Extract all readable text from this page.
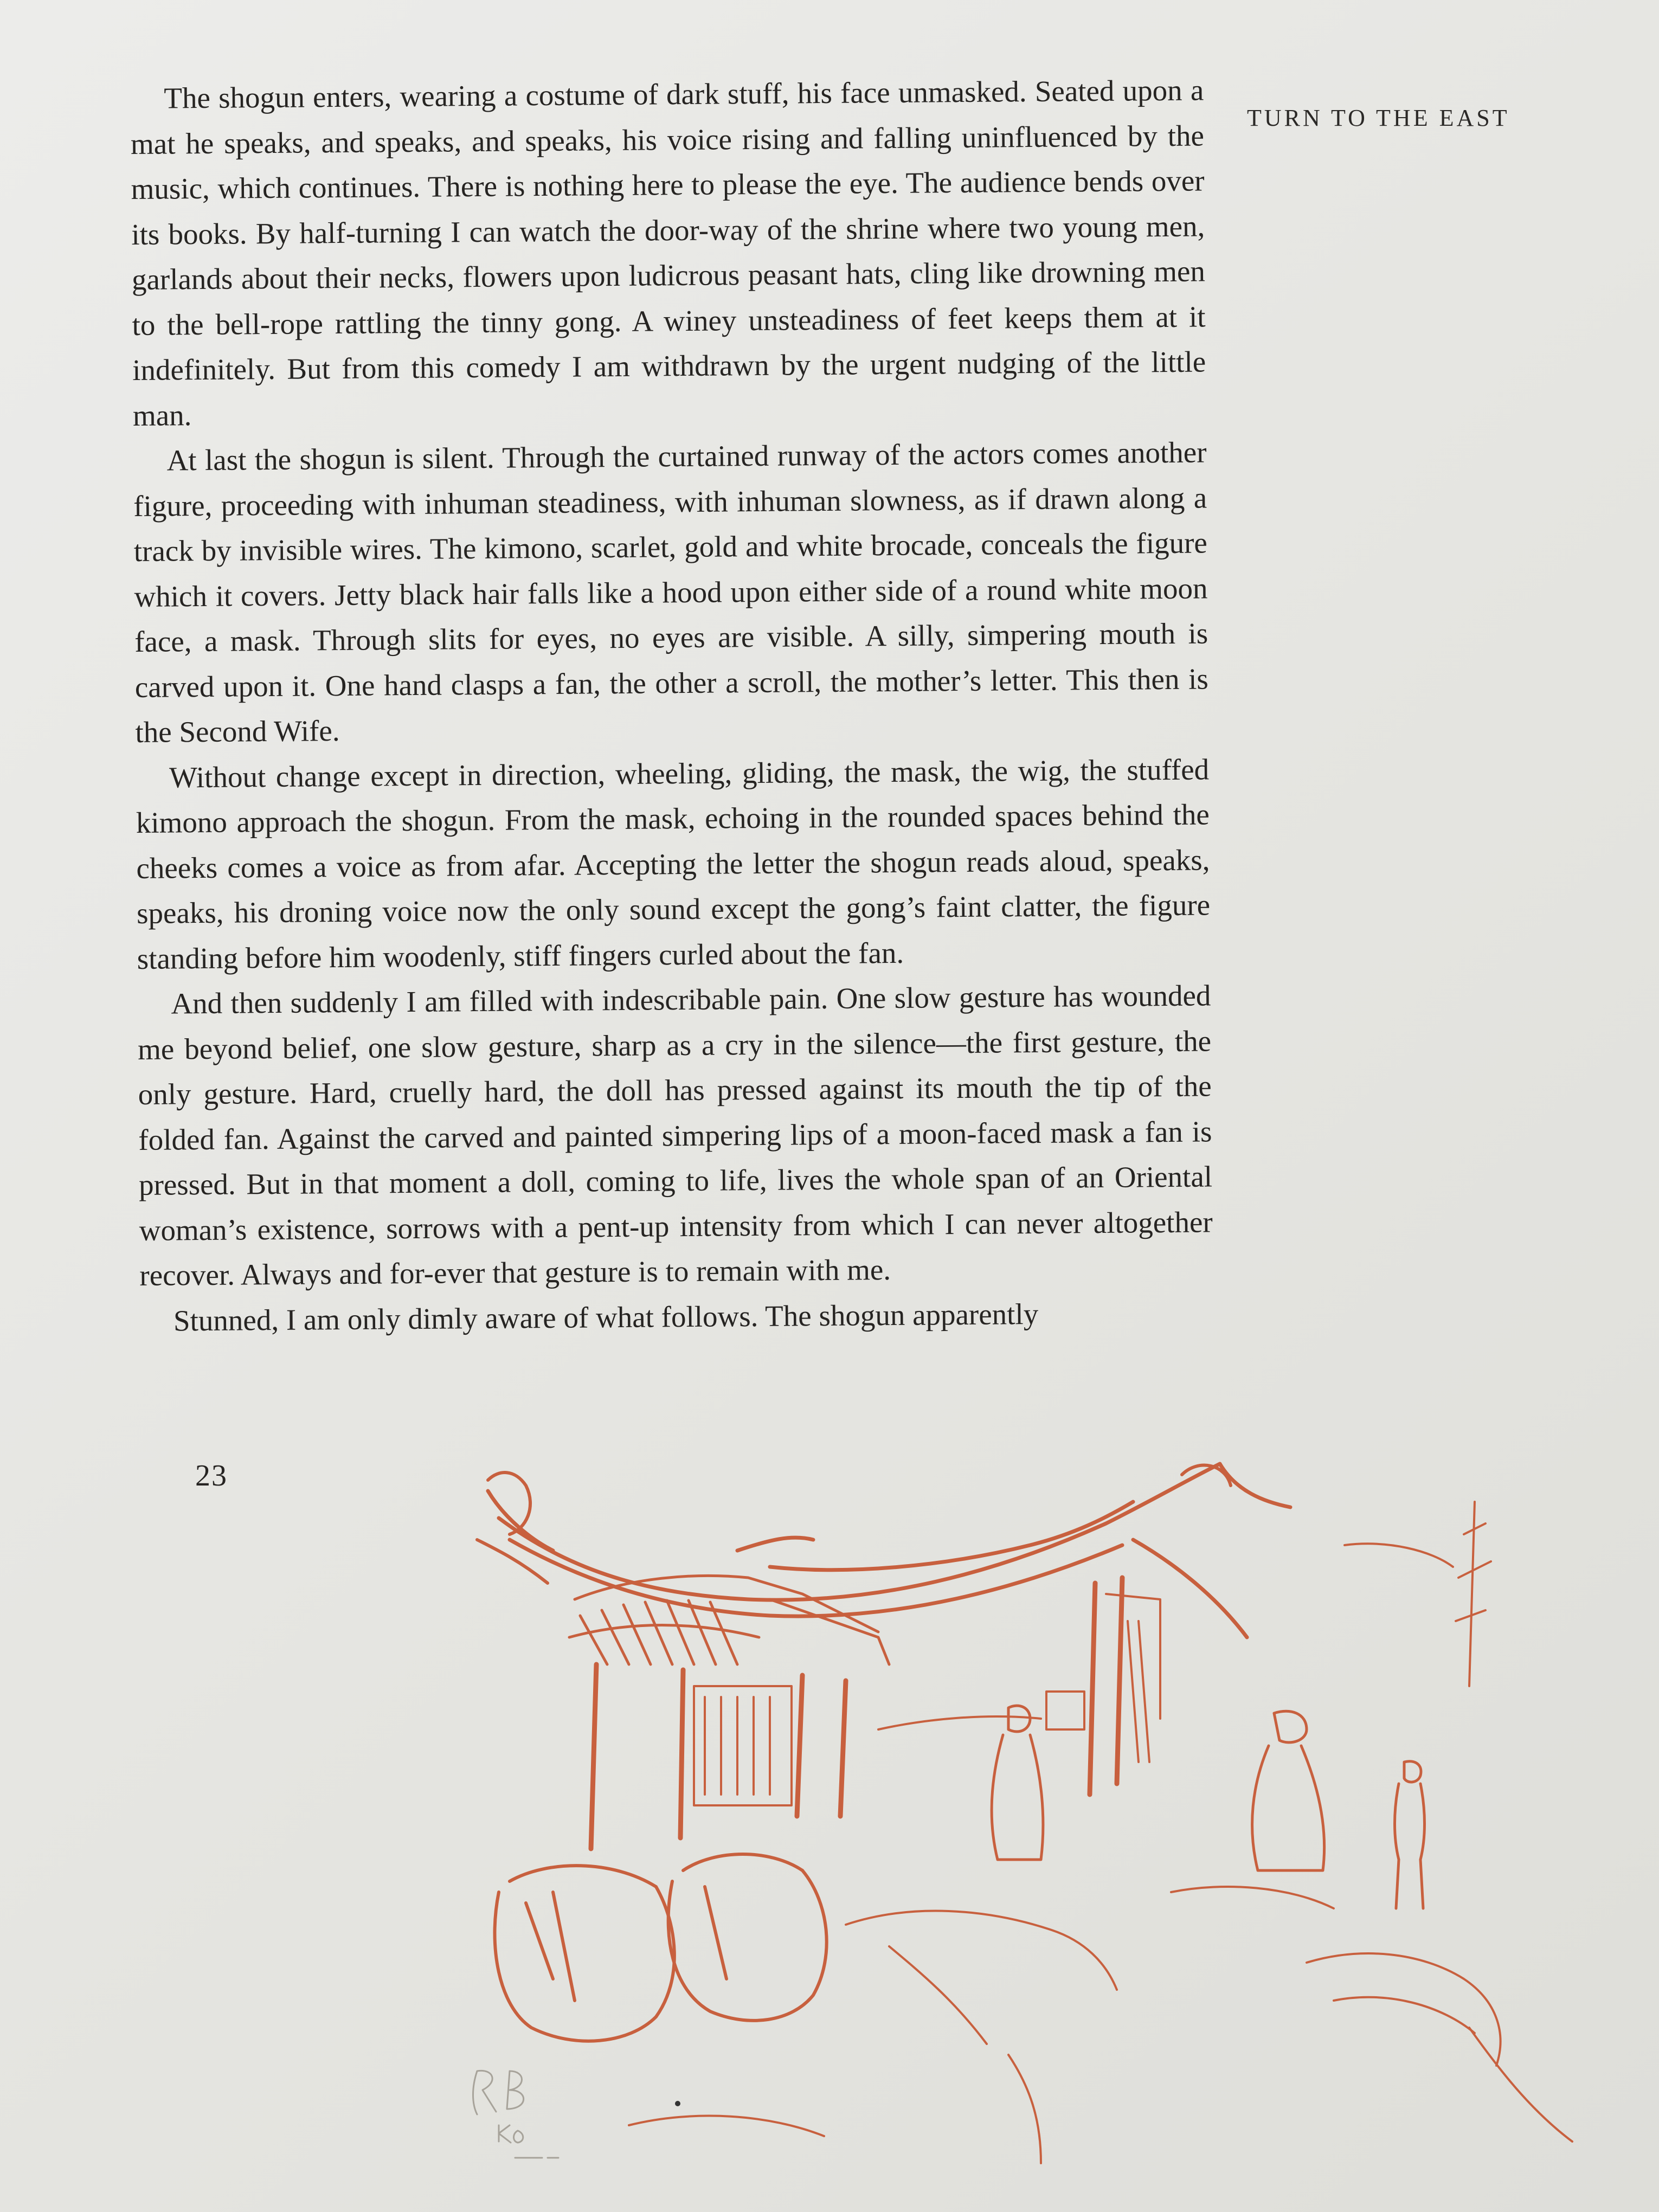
TURN TO THE EAST

The shogun enters, wearing a costume of dark stuff, his face unmasked. Seated upon a mat he speaks, and speaks, and speaks, his voice rising and falling uninfluenced by the music, which continues. There is nothing here to please the eye. The audience bends over its books. By half-turning I can watch the door-way of the shrine where two young men, garlands about their necks, flowers upon ludicrous peasant hats, cling like drowning men to the bell-rope rattling the tinny gong. A winey unsteadiness of feet keeps them at it indefinitely. But from this comedy I am withdrawn by the urgent nudging of the little man.

At last the shogun is silent. Through the curtained runway of the actors comes another figure, proceeding with inhuman steadiness, with inhuman slowness, as if drawn along a track by invisible wires. The kimono, scarlet, gold and white brocade, conceals the figure which it covers. Jetty black hair falls like a hood upon either side of a round white moon face, a mask. Through slits for eyes, no eyes are visible. A silly, simpering mouth is carved upon it. One hand clasps a fan, the other a scroll, the mother’s letter. This then is the Second Wife.

Without change except in direction, wheeling, gliding, the mask, the wig, the stuffed kimono approach the shogun. From the mask, echoing in the rounded spaces behind the cheeks comes a voice as from afar. Accepting the letter the shogun reads aloud, speaks, speaks, his droning voice now the only sound except the gong’s faint clatter, the figure standing before him woodenly, stiff fingers curled about the fan.

And then suddenly I am filled with indescribable pain. One slow gesture has wounded me beyond belief, one slow gesture, sharp as a cry in the silence—the first gesture, the only gesture. Hard, cruelly hard, the doll has pressed against its mouth the tip of the folded fan. Against the carved and painted simpering lips of a moon-faced mask a fan is pressed. But in that moment a doll, coming to life, lives the whole span of an Oriental woman’s existence, sorrows with a pent-up intensity from which I can never altogether recover. Always and for-ever that gesture is to remain with me.

Stunned, I am only dimly aware of what follows. The shogun apparently

23
